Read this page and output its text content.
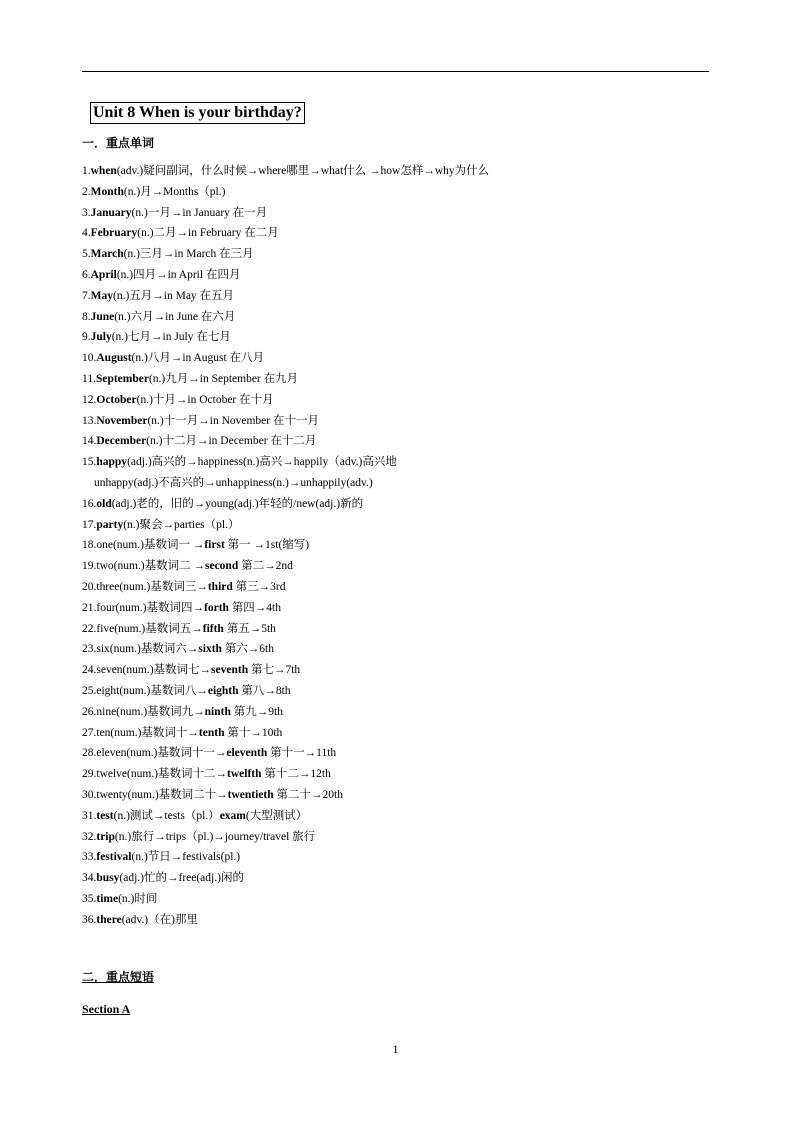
Unit 8 When is your birthday?
一．重点单词
1.when(adv.)疑问副词，什么时候→where哪里→what什么 →how怎样→why为什么
2.Month(n.)月→Months（pl.)
3.January(n.)一月→in January 在一月
4.February(n.)二月→in February 在二月
5.March(n.)三月→in March 在三月
6.April(n.)四月→in April 在四月
7.May(n.)五月→in May 在五月
8.June(n.)六月→in June 在六月
9.July(n.)七月→in July 在七月
10.August(n.)八月→in August 在八月
11.September(n.)九月→in September 在九月
12.October(n.)十月→in October 在十月
13.November(n.)十一月→in November 在十一月
14.December(n.)十二月→in December 在十二月
15.happy(adj.)高兴的→happiness(n.)高兴→happily（adv.)高兴地
unhappy(adj.)不高兴的→unhappiness(n.)→unhappily(adv.)
16.old(adj.)老的，旧的→young(adj.)年轻的/new(adj.)新的
17.party(n.)聚会→parties（pl.）
18.one(num.)基数词一 →first 第一 →1st(缩写)
19.two(num.)基数词二 →second 第二→2nd
20.three(num.)基数词三→third 第三→3rd
21.four(num.)基数词四→forth 第四→4th
22.five(num.)基数词五→fifth 第五→5th
23.six(num.)基数词六→sixth 第六→6th
24.seven(num.)基数词七→seventh 第七→7th
25.eight(num.)基数词八→eighth 第八→8th
26.nine(num.)基数词九→ninth 第九→9th
27.ten(num.)基数词十→tenth 第十→10th
28.eleven(num.)基数词十一→eleventh 第十一→11th
29.twelve(num.)基数词十二→twelfth 第十二→12th
30.twenty(num.)基数词二十→twentieth 第二十→20th
31.test(n.)测试→tests（pl.）exam(大型测试）
32.trip(n.)旅行→trips（pl.)→journey/travel 旅行
33.festival(n.)节日→festivals(pl.)
34.busy(adj.)忙的→free(adj.)闲的
35.time(n.)时间
36.there(adv.)（在)那里
二．重点短语
Section A
1
